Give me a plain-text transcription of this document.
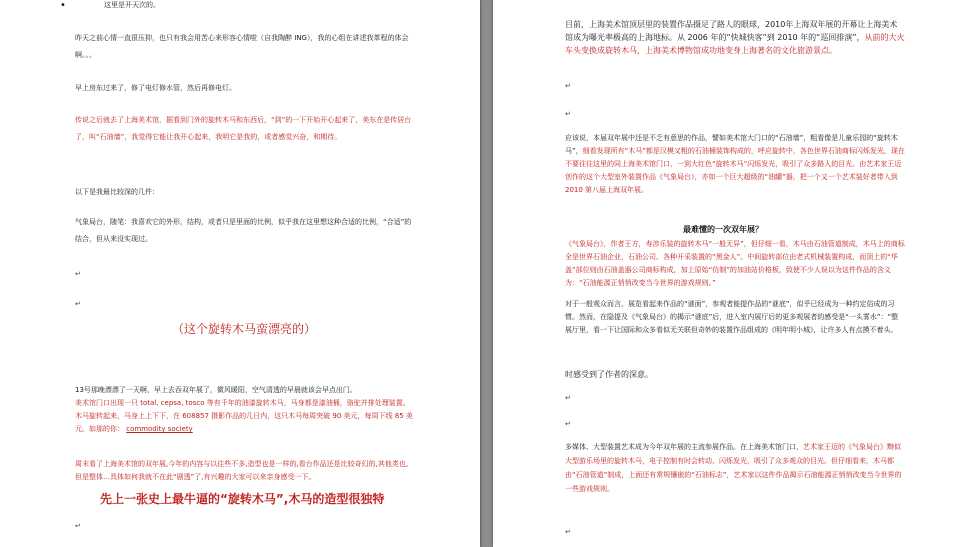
•	这里是开天次的。

昨天之前心情一直很压抑，也只有我会用苦心来形容心情啦（自我陶醉 ING），我的心组在讲述我革程的体会啊。。。

早上房东过来了，修了电灯修水管，然后再修电灯。

传说之后就去了上海美术馆，据看到门外的旋转木马和东西后，“到”的一下开始开心起来了，美东在是传居台了，叫“石油墙”，我觉得它能让我开心起来，我明它是我的，或者感觉兴奋，和期待。

以下是我最比较深的几件：

气象局台，随笔：我喜欢它的外形，结构，或者只是里面的比例，似乎我在这里想这种合适的比例，“合适”的结合，但从来没实现过。

↵
↵
（这个旋转木马蛮漂亮的）

13号那晚漂漂了一天啊，早上去吞双年展了，微风暖阳，空气清透的早晨就该会早点出门。

美术馆门口出现一只 total, cepsa, tosco 等有千年的油漆旋转木马，马身都是漆油桶，骆驼并排处理装置。木马旋转起来，马身上上下下，在 608857 摄影作品的几日内，这只木马每周突破 90 美元，每周下线 85 美元。如那的你： commodity society

周末看了上海美术馆的双年展,今年的内容与以往些不多,造型也是一样的,看台作品还是比较奇幻的,其他类也,但是整体…具体如何我就不在此“剧透”了,有兴趣的大家可以来亲身感受一下。

先上一张史上最牛逼的“旋转木马”,木马的造型很独特
↵

目前，上海美术馆顶层里的装置作品摄足了路人的眼球，2010年上海双年展的开幕让上海美术馆成为曝光率极高的上海地标。从 2006 年的“快城快客”到 2010 年的“巡回排演”，从前的大火车头变换成旋转木马，上海美术博物馆成功地变身上海著名的文化旅游景点。

↵
↵

应该说，本届双年展中还是不乏有意思的作品，譬如美术馆大门口的“石油墙”，粗看像是儿童乐园的“旋转木马”，细看发现所有“木马”都是汉模又粗的石油桶装饰构成的，呼应旋转中，各色世界石油商标闪烁发光，现在不要往往这里的同上海美术馆门口，一到大红色“旋转木马”闪烁发光，吸引了众多路人的目光。由艺术家王迈创作的这个大型室外装置作品《气象局台》，亦如一个巨大超级的“油罐”器，把一个又一个艺术装好者带入到 2010 第八届上海双年展。

最难懂的一次双年展？

《气象局台》，作者王方，寿涉乐装的旋转木马“一般无异”，但仔细一看，木马由石油管道制成，木马上的商标全是世界石油企业，石油公司。各种开采装置的“黑金人”。中间旋转部位由老式机械装置构成，而顶上的“华盖”部位则由石油盖器公司商标构成，加上原始“仿制”的加油站价格板，致使不少人误以为这件作品的含义为：“石油能源正悄悄改变当今世界的游戏规则。”

对于一般观众而言，展览看起来作品的“谜面”，参观者能提作品的“谜底”，似乎已经成为一种约定俗成的习惯。然而，在隐提及《气象局台》的揭示“谜底”后，进入室内展厅后的更多观展者的感受是“一头雾水”：“整展厅里，看一下让国际和众多看似无关联但奇妙的装置作品组成的《明年明小城》，让许多人有点摸不着头。

时感受到了作者的深意。

↵
↵

多媒体、大型装置艺术成为今年双年展的主流参展作品。在上海美术馆门口，艺术家王迈的《气象局台》黝似大型游乐场里的旋转木马，电子控制有时会转动、闪烁发光，吸引了众多观众的目光。但仔细看来，木马都由“石油管道”制成，上面还有常规镶嵌的“石油标志”，艺术家以这件作品揭示石油能源正悄悄改变当今世界的一些游戏规则。

↵
